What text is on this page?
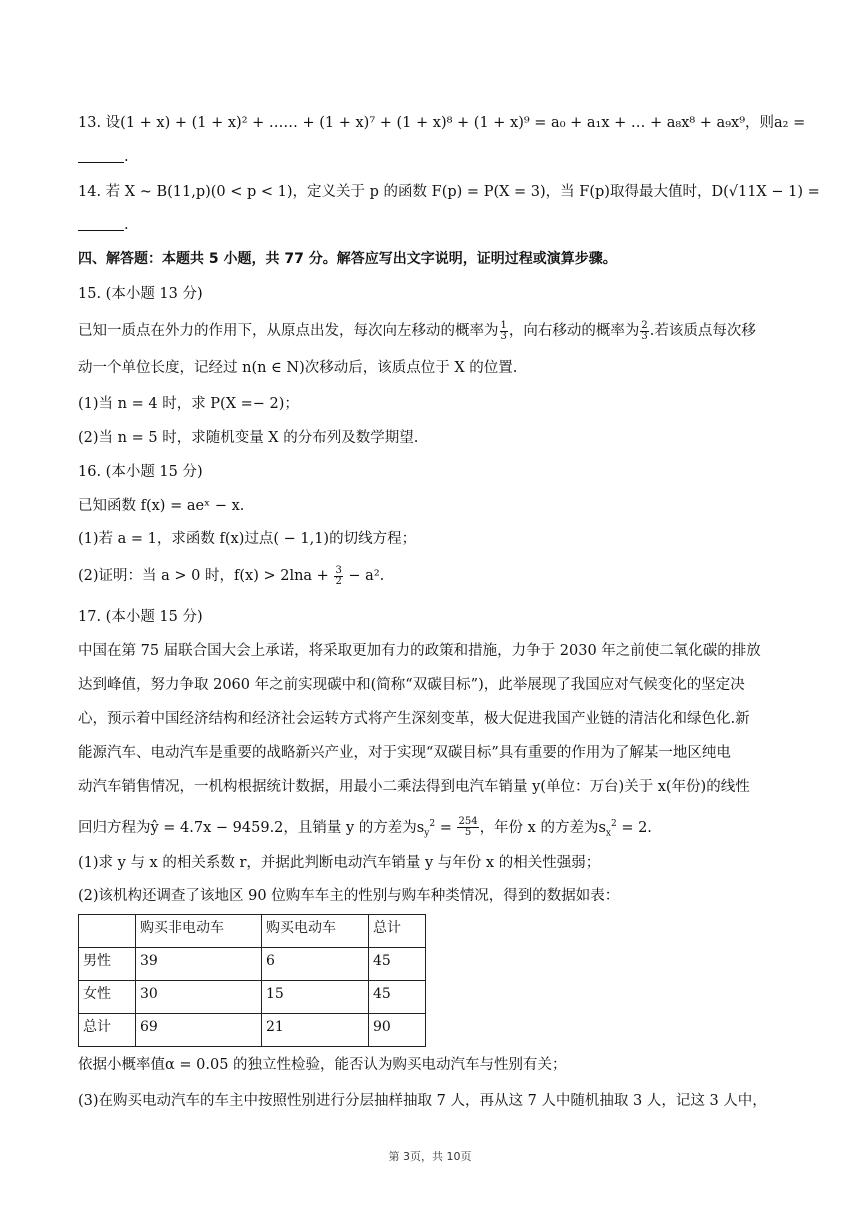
13. 设(1 + x) + (1 + x)² + …… + (1 + x)⁷ + (1 + x)⁸ + (1 + x)⁹ = a₀ + a₁x + … + a₈x⁸ + a₉x⁹，则a₂ =
.
14. 若 X ~ B(11,p)(0 < p < 1)，定义关于 p 的函数 F(p) = P(X = 3)，当 F(p)取得最大值时，D(√11X − 1) =
.
四、解答题：本题共 5 小题，共 77 分。解答应写出文字说明，证明过程或演算步骤。
15. (本小题 13 分)
已知一质点在外力的作用下，从原点出发，每次向左移动的概率为 $\frac{1}{3}$ ，向右移动的概率为 $\frac{2}{3}$ .若该质点每次移
动一个单位长度，记经过 n(n ∈ N)次移动后，该质点位于 X 的位置.
(1)当 n = 4 时，求 P(X =− 2)；
(2)当 n = 5 时，求随机变量 X 的分布列及数学期望.
16. (本小题 15 分)
已知函数 f(x) = aeˣ − x.
(1)若 a = 1，求函数 f(x)过点( − 1,1)的切线方程；
(2)证明：当 a > 0 时，$f(x) > 2\ln a + \frac{3}{2} - a^2$.
17. (本小题 15 分)
中国在第 75 届联合国大会上承诺，将采取更加有力的政策和措施，力争于 2030 年之前使二氧化碳的排放
达到峰值，努力争取 2060 年之前实现碳中和(简称“双碳目标”)，此举展现了我国应对气候变化的坚定决
心，预示着中国经济结构和经济社会运转方式将产生深刻变革，极大促进我国产业链的清洁化和绿色化.新
能源汽车、电动汽车是重要的战略新兴产业，对于实现“双碳目标”具有重要的作用为了解某一地区纯电
动汽车销售情况，一机构根据统计数据，用最小二乘法得到电汽车销量 y(单位：万台)关于 x(年份)的线性
回归方程为ŷ = 4.7x − 9459.2，且销量 y 的方差为$s_y^2 = \frac{254}{5}$ ，年份 x 的方差为$s_x^2 = 2$.
(1)求 y 与 x 的相关系数 r，并据此判断电动汽车销量 y 与年份 x 的相关性强弱；
(2)该机构还调查了该地区 90 位购车车主的性别与购车种类情况，得到的数据如表：
	购买非电动车	购买电动车	总计
男性	39	6	45
女性	30	15	45
总计	69	21	90
依据小概率值α = 0.05 的独立性检验，能否认为购买电动汽车与性别有关；
(3)在购买电动汽车的车主中按照性别进行分层抽样抽取 7 人，再从这 7 人中随机抽取 3 人，记这 3 人中，
第 3页，共 10页
